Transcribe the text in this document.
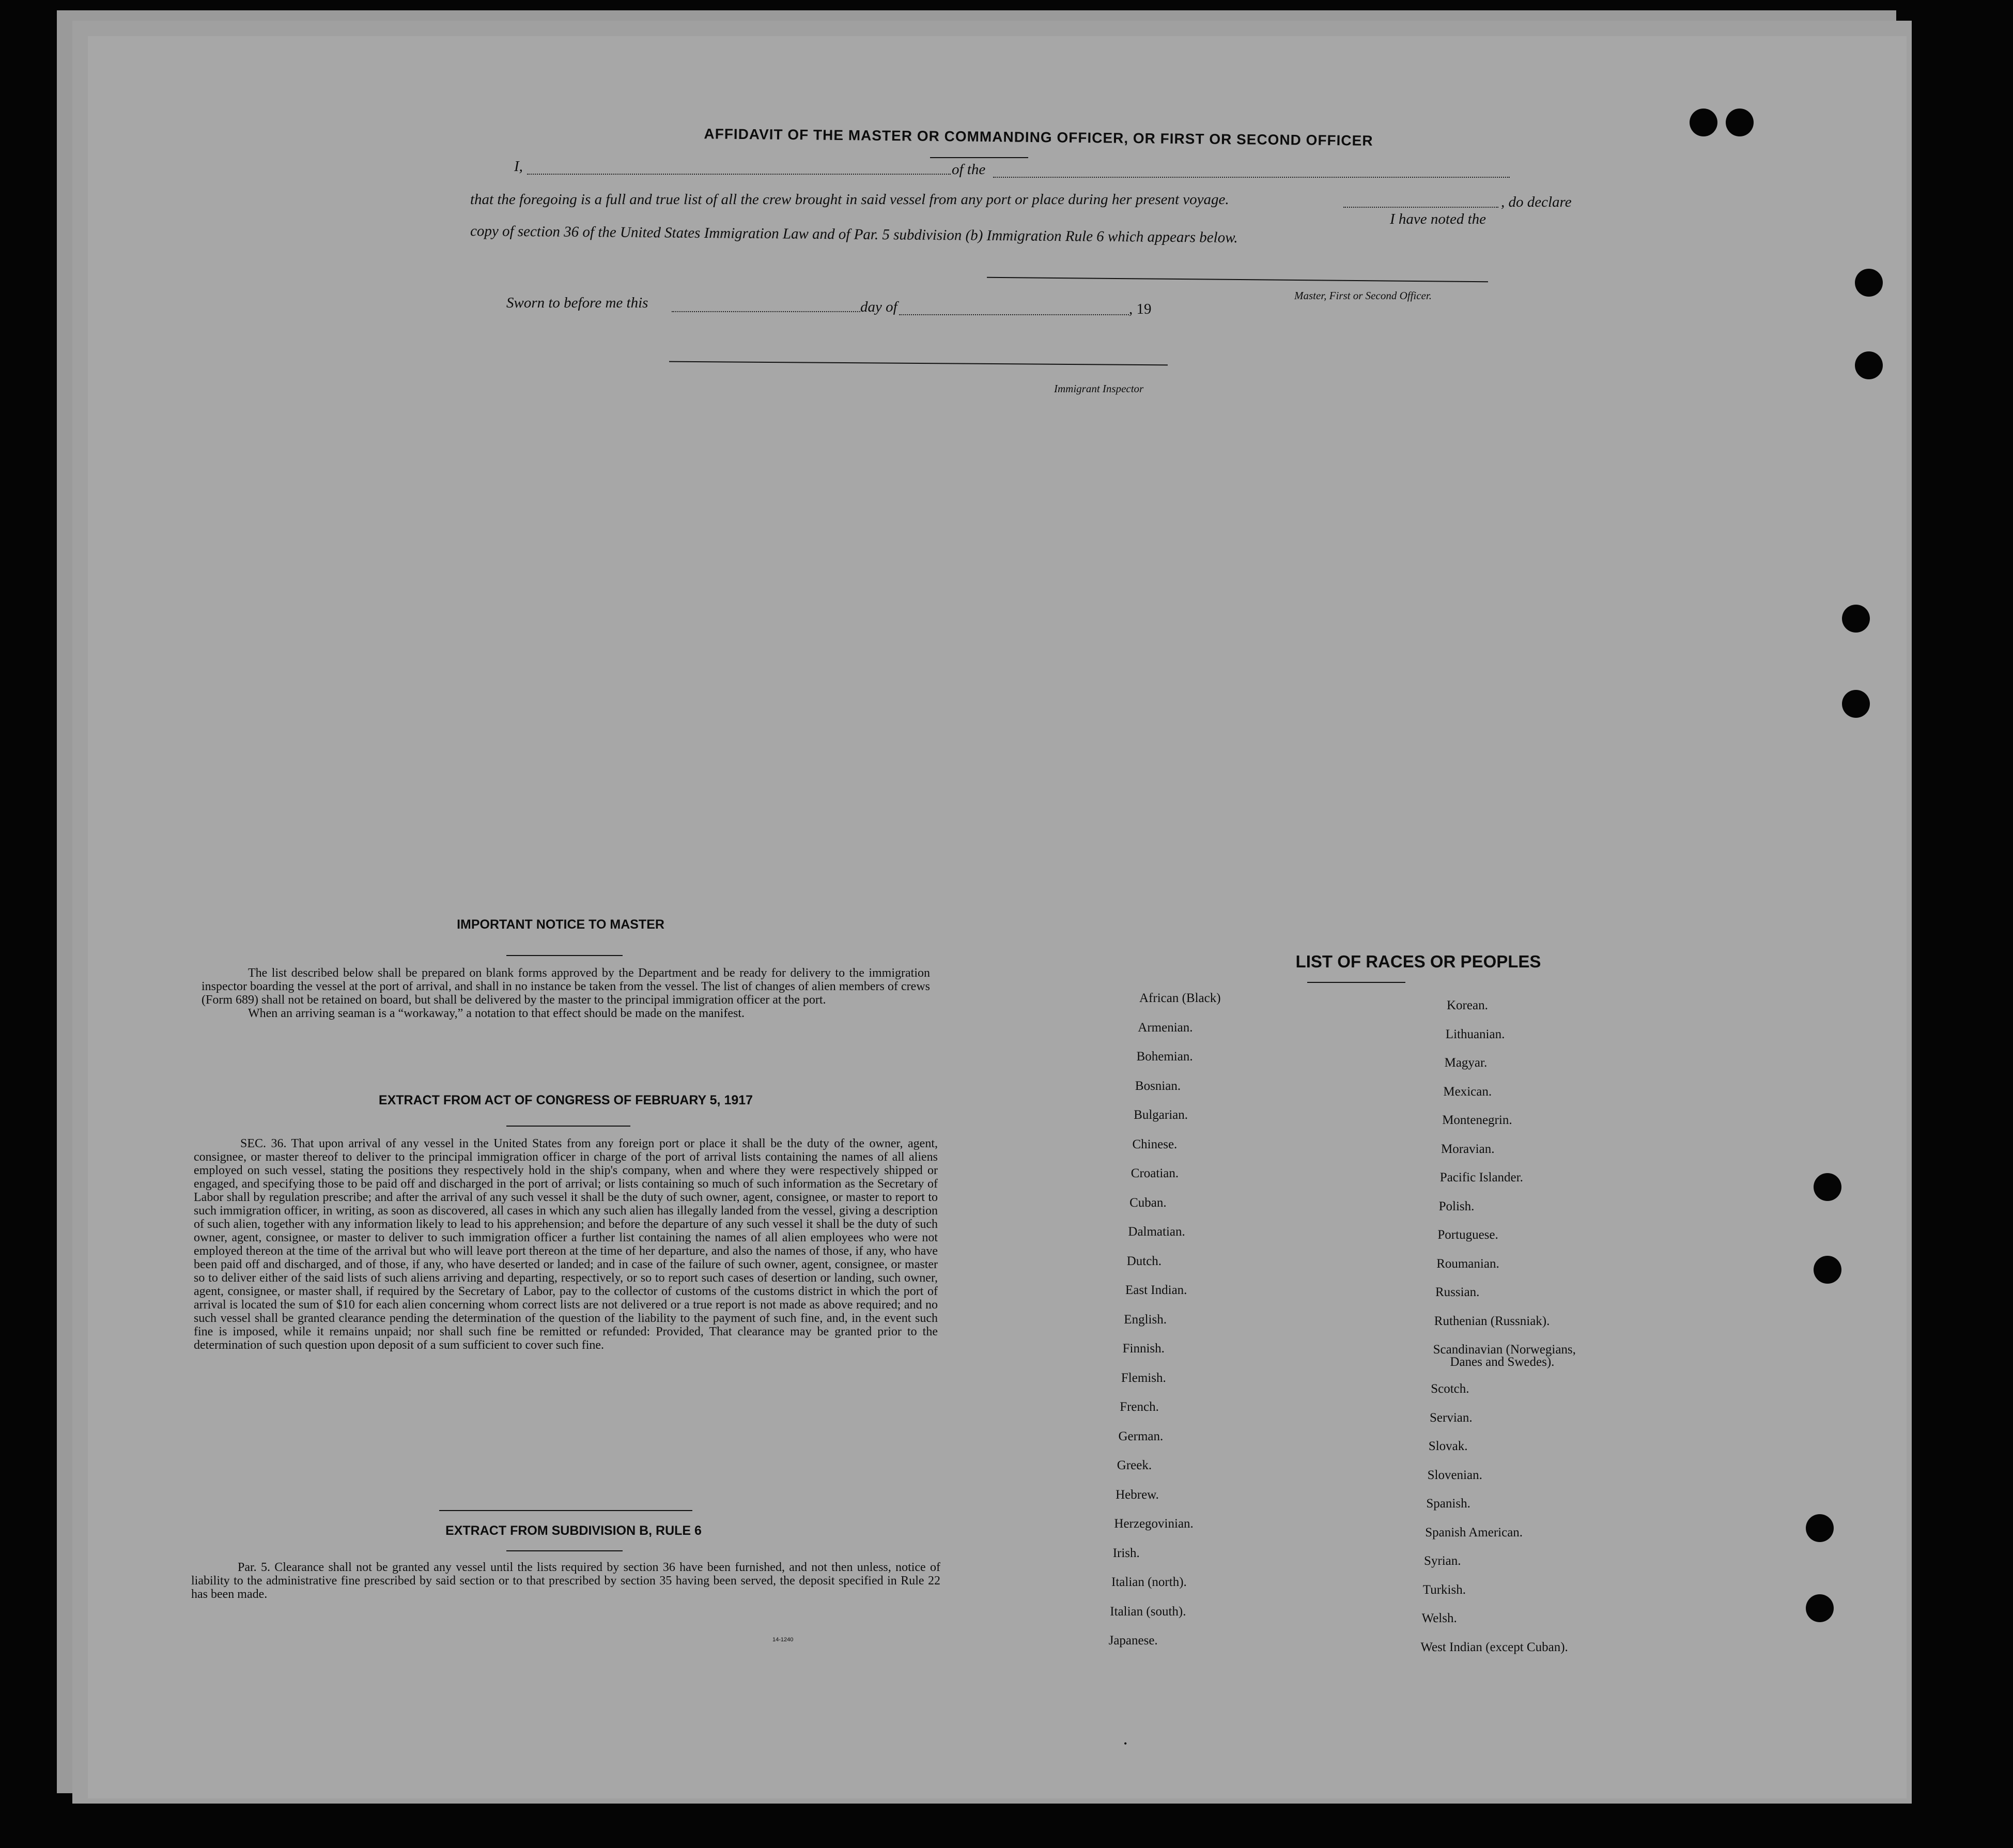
AFFIDAVIT OF THE MASTER OR COMMANDING OFFICER, OR FIRST OR SECOND OFFICER
I,	of the
that the foregoing is a full and true list of all the crew brought in said vessel from any port or place during her present voyage.	, do declare
I have noted the
copy of section 36 of the United States Immigration Law and of Par. 5 subdivision (b) Immigration Rule 6 which appears below.
Master, First or Second Officer.
Sworn to before me this	day of	, 19
Immigrant Inspector
IMPORTANT NOTICE TO MASTER

The list described below shall be prepared on blank forms approved by the Department and be ready for delivery to the immigration inspector boarding the vessel at the port of arrival, and shall in no instance be taken from the vessel. The list of changes of alien members of crews (Form 689) shall not be retained on board, but shall be delivered by the master to the principal immigration officer at the port.

When an arriving seaman is a “workaway,” a notation to that effect should be made on the manifest.

EXTRACT FROM ACT OF CONGRESS OF FEBRUARY 5, 1917

SEC. 36. That upon arrival of any vessel in the United States from any foreign port or place it shall be the duty of the owner, agent, consignee, or master thereof to deliver to the principal immigration officer in charge of the port of arrival lists containing the names of all aliens employed on such vessel, stating the positions they respectively hold in the ship's company, when and where they were respectively shipped or engaged, and specifying those to be paid off and discharged in the port of arrival; or lists containing so much of such information as the Secretary of Labor shall by regulation prescribe; and after the arrival of any such vessel it shall be the duty of such owner, agent, consignee, or master to report to such immigration officer, in writing, as soon as discovered, all cases in which any such alien has illegally landed from the vessel, giving a description of such alien, together with any information likely to lead to his apprehension; and before the departure of any such vessel it shall be the duty of such owner, agent, consignee, or master to deliver to such immigration officer a further list containing the names of all alien employees who were not employed thereon at the time of the arrival but who will leave port thereon at the time of her departure, and also the names of those, if any, who have been paid off and discharged, and of those, if any, who have deserted or landed; and in case of the failure of such owner, agent, consignee, or master so to deliver either of the said lists of such aliens arriving and departing, respectively, or so to report such cases of desertion or landing, such owner, agent, consignee, or master shall, if required by the Secretary of Labor, pay to the collector of customs of the customs district in which the port of arrival is located the sum of $10 for each alien concerning whom correct lists are not delivered or a true report is not made as above required; and no such vessel shall be granted clearance pending the determination of the question of the liability to the payment of such fine, and, in the event such fine is imposed, while it remains unpaid; nor shall such fine be remitted or refunded: Provided, That clearance may be granted prior to the determination of such question upon deposit of a sum sufficient to cover such fine.

EXTRACT FROM SUBDIVISION B, RULE 6

Par. 5. Clearance shall not be granted any vessel until the lists required by section 36 have been furnished, and not then unless, notice of liability to the administrative fine prescribed by said section or to that prescribed by section 35 having been served, the deposit specified in Rule 22 has been made.

14-1240
LIST OF RACES OR PEOPLES
•
African (Black)
Armenian.
Bohemian.
Bosnian.
Bulgarian.
Chinese.
Croatian.
Cuban.
Dalmatian.
Dutch.
East Indian.
English.
Finnish.
Flemish.
French.
German.
Greek.
Hebrew.
Herzegovinian.
Irish.
Italian (north).
Italian (south).
Japanese.
Korean.
Lithuanian.
Magyar.
Mexican.
Montenegrin.
Moravian.
Pacific Islander.
Polish.
Portuguese.
Roumanian.
Russian.
Ruthenian (Russniak).
Scandinavian (Norwegians,
Danes and Swedes).
Scotch.
Servian.
Slovak.
Slovenian.
Spanish.
Spanish American.
Syrian.
Turkish.
Welsh.
West Indian (except Cuban).
